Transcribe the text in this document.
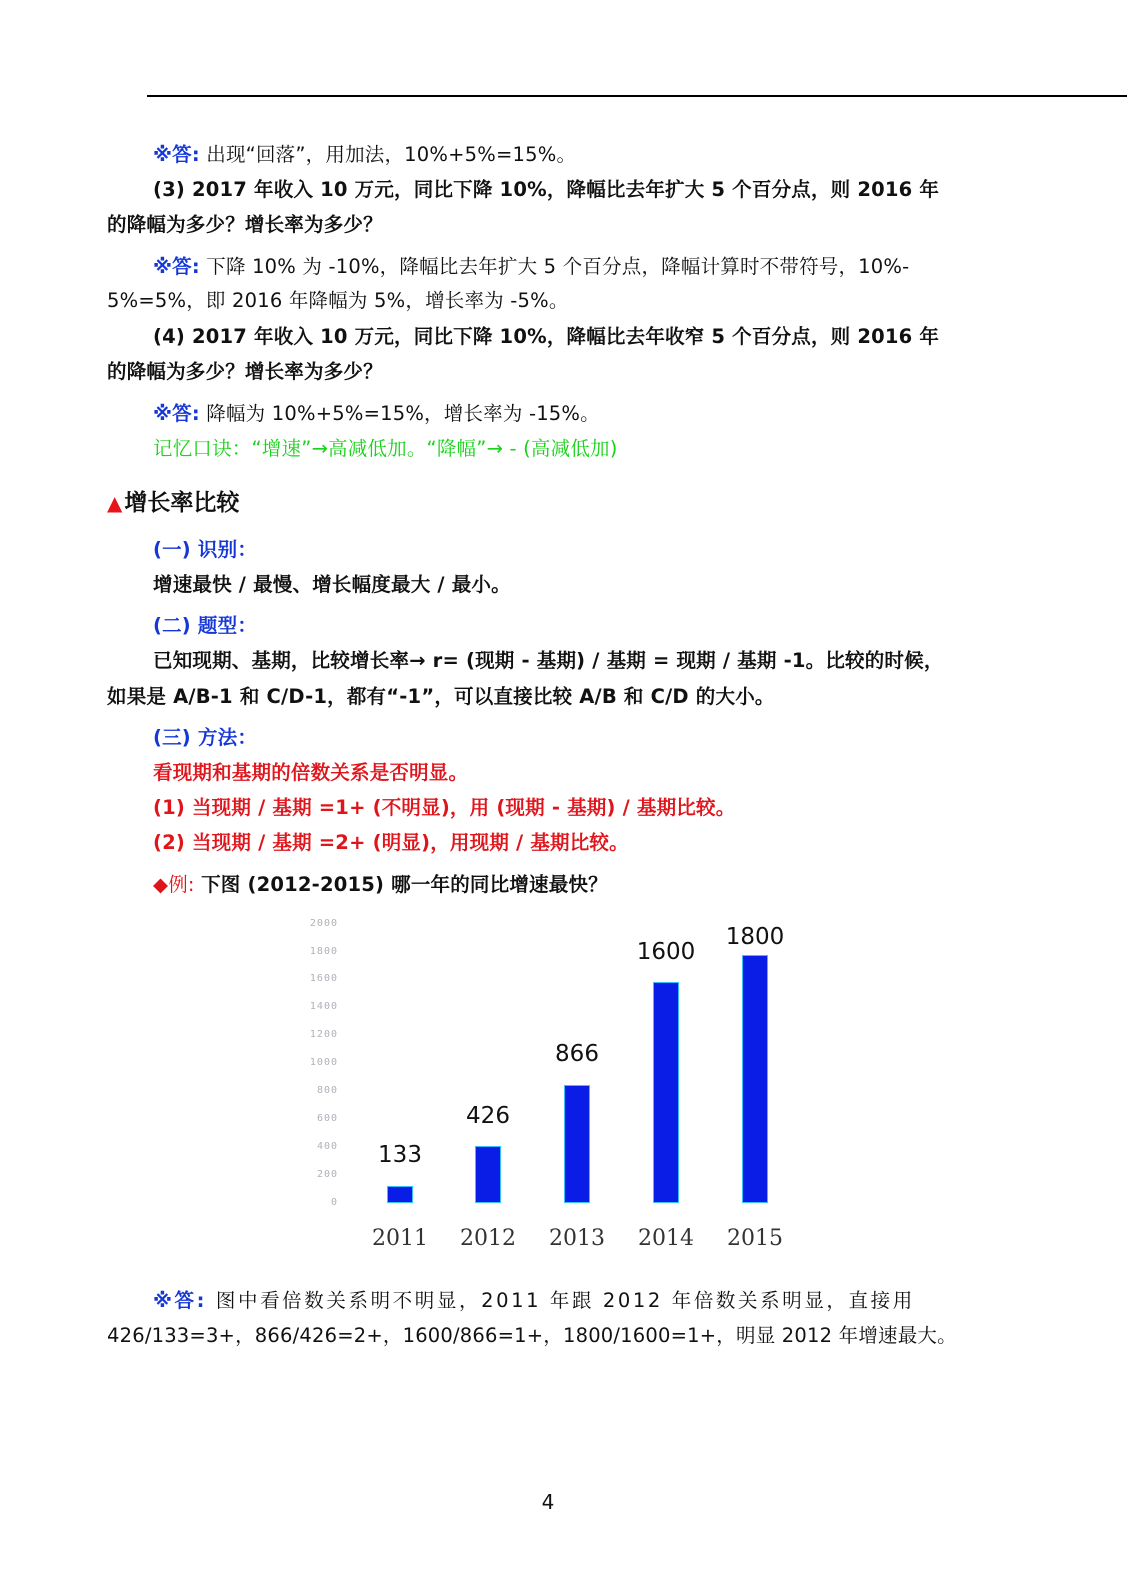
※答: 出现“回落”，用加法，10%+5%=15%。
(3) 2017 年收入 10 万元，同比下降 10%，降幅比去年扩大 5 个百分点，则 2016 年
的降幅为多少？增长率为多少？
※答: 下降 10% 为 -10%，降幅比去年扩大 5 个百分点，降幅计算时不带符号，10%-
5%=5%，即 2016 年降幅为 5%，增长率为 -5%。
(4) 2017 年收入 10 万元，同比下降 10%，降幅比去年收窄 5 个百分点，则 2016 年
的降幅为多少？增长率为多少？
※答: 降幅为 10%+5%=15%，增长率为 -15%。
记忆口诀：“增速”→高减低加。“降幅”→ - (高减低加)
▲增长率比较
(一) 识别：
增速最快 / 最慢、增长幅度最大 / 最小。
(二) 题型：
已知现期、基期，比较增长率→ r= (现期 - 基期) / 基期 = 现期 / 基期 -1。比较的时候，
如果是 A/B-1 和 C/D-1，都有“-1”，可以直接比较 A/B 和 C/D 的大小。
(三) 方法：
看现期和基期的倍数关系是否明显。
(1) 当现期 / 基期 =1+ (不明显)，用 (现期 - 基期) / 基期比较。
(2) 当现期 / 基期 =2+ (明显)，用现期 / 基期比较。
◆例: 下图 (2012-2015) 哪一年的同比增速最快？
2000
1800
1600
1400
1200
1000
800
600
400
200
0
133
2011
426
2012
866
2013
1600
2014
1800
2015
※答: 图中看倍数关系明不明显，2011 年跟 2012 年倍数关系明显，直接用
426/133=3+，866/426=2+，1600/866=1+，1800/1600=1+，明显 2012 年增速最大。
4
